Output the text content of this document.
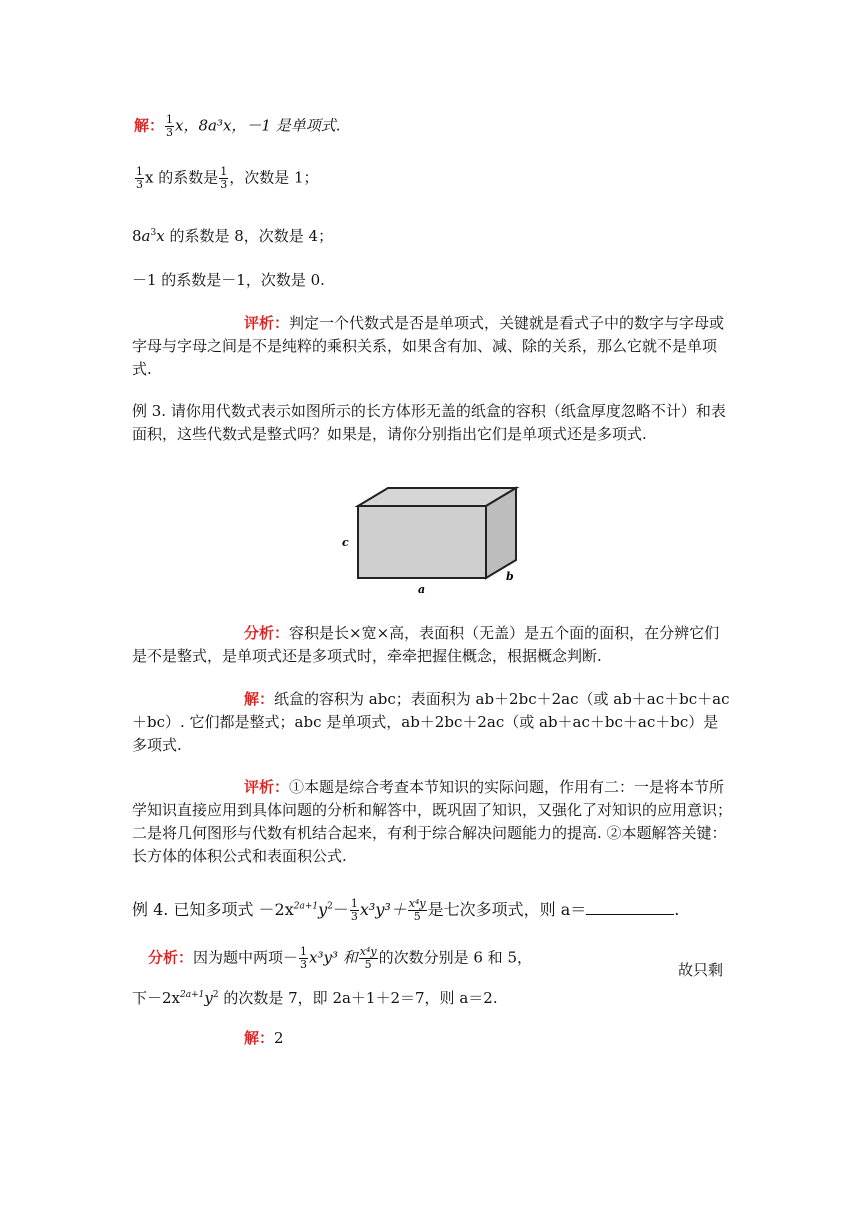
解： $\frac{1}{3}$ x，8a³x，－1 是单项式.
$\frac{1}{3}$ x 的系数是 $\frac{1}{3}$ ，次数是 1；
$8a^3x$ 的系数是 8，次数是 4；
－1 的系数是－1，次数是 0.
评析：判定一个代数式是否是单项式，关键就是看式子中的数字与字母或字母与字母之间是不是纯粹的乘积关系，如果含有加、减、除的关系，那么它就不是单项式.
例 3. 请你用代数式表示如图所示的长方体形无盖的纸盒的容积（纸盒厚度忽略不计）和表面积，这些代数式是整式吗？如果是，请你分别指出它们是单项式还是多项式.
c
a
b
分析：容积是长×宽×高，表面积（无盖）是五个面的面积，在分辨它们是不是整式，是单项式还是多项式时，牵牵把握住概念，根据概念判断.
解：纸盒的容积为 abc；表面积为 ab＋2bc＋2ac（或 ab＋ac＋bc＋ac＋bc）. 它们都是整式；abc 是单项式，ab＋2bc＋2ac（或 ab＋ac＋bc＋ac＋bc）是多项式.
评析：①本题是综合考查本节知识的实际问题，作用有二：一是将本节所学知识直接应用到具体问题的分析和解答中，既巩固了知识，又强化了对知识的应用意识；二是将几何图形与代数有机结合起来，有利于综合解决问题能力的提高. ②本题解答关键：长方体的体积公式和表面积公式.
例 4. 已知多项式 $-2x^{2a+1}y^2- \frac{1}{3} x^3y^3+ \frac{\text{x⁴y}}{5}$ 是七次多项式，则 a＝	.
分析：因为题中两项－ $\frac{1}{3} x^3y^3$ 和 $\frac{\text{x⁴y}}{5}$ 的次数分别是 6 和 5，
故只剩
下$-2x^{2a+1}y^2$ 的次数是 7，即 2a＋1＋2＝7，则 a＝2.
解：2
